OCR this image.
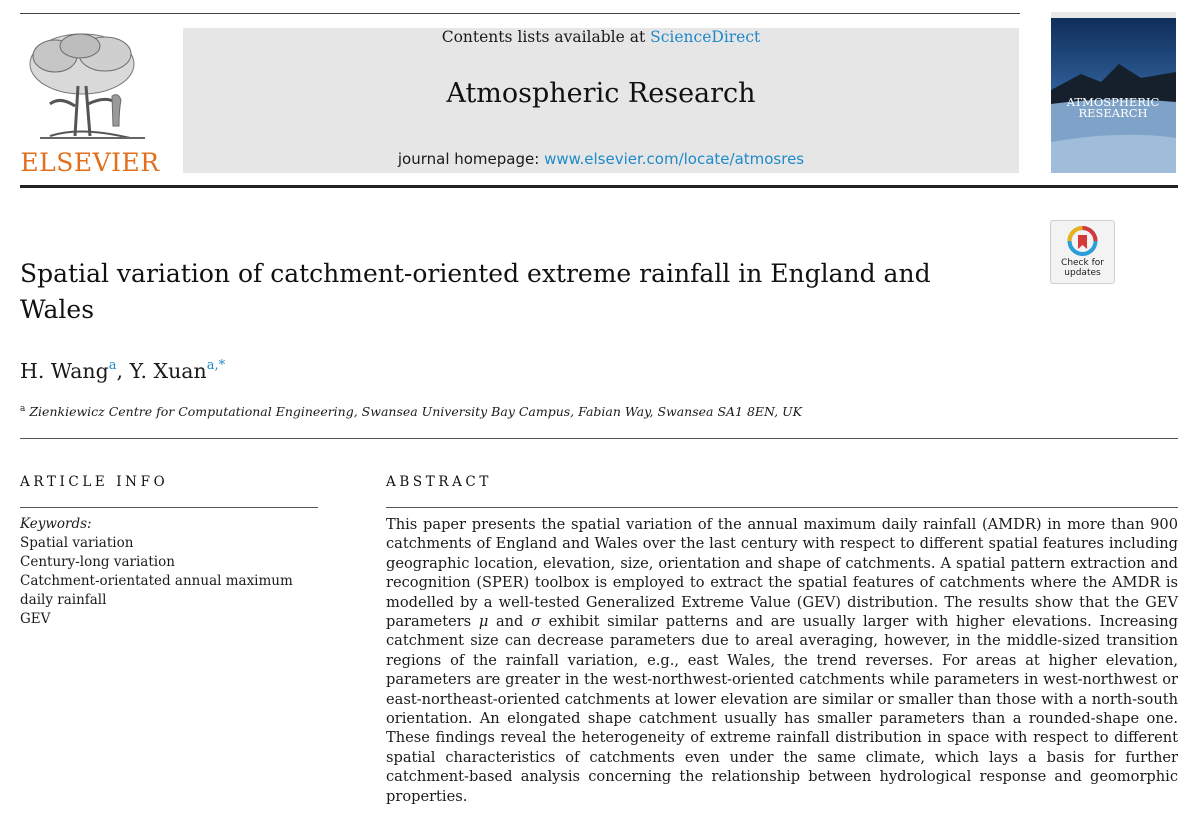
ELSEVIER
Contents lists available at ScienceDirect
Atmospheric Research
journal homepage: www.elsevier.com/locate/atmosres
ATMOSPHERIC RESEARCH
Check for updates
Spatial variation of catchment-oriented extreme rainfall in England and Wales
H. Wang$^a$, Y. Xuan$^{a,*}$
$^a$ Zienkiewicz Centre for Computational Engineering, Swansea University Bay Campus, Fabian Way, Swansea SA1 8EN, UK
ARTICLE INFO
Keywords:
Spatial variation
Century-long variation
Catchment-orientated annual maximum daily rainfall
GEV
ABSTRACT

This paper presents the spatial variation of the annual maximum daily rainfall (AMDR) in more than 900 catchments of England and Wales over the last century with respect to different spatial features including geographic location, elevation, size, orientation and shape of catchments. A spatial pattern extraction and recognition (SPER) toolbox is employed to extract the spatial features of catchments where the AMDR is modelled by a well-tested Generalized Extreme Value (GEV) distribution. The results show that the GEV parameters μ and σ exhibit similar patterns and are usually larger with higher elevations. Increasing catchment size can decrease parameters due to areal averaging, however, in the middle-sized transition regions of the rainfall variation, e.g., east Wales, the trend reverses. For areas at higher elevation, parameters are greater in the west-northwest-oriented catchments while parameters in west-northwest or east-northeast-oriented catchments at lower elevation are similar or smaller than those with a north-south orientation. An elongated shape catchment usually has smaller parameters than a rounded-shape one. These findings reveal the heterogeneity of extreme rainfall distribution in space with respect to different spatial characteristics of catchments even under the same climate, which lays a basis for further catchment-based analysis concerning the relationship between hydrological response and geomorphic properties.
